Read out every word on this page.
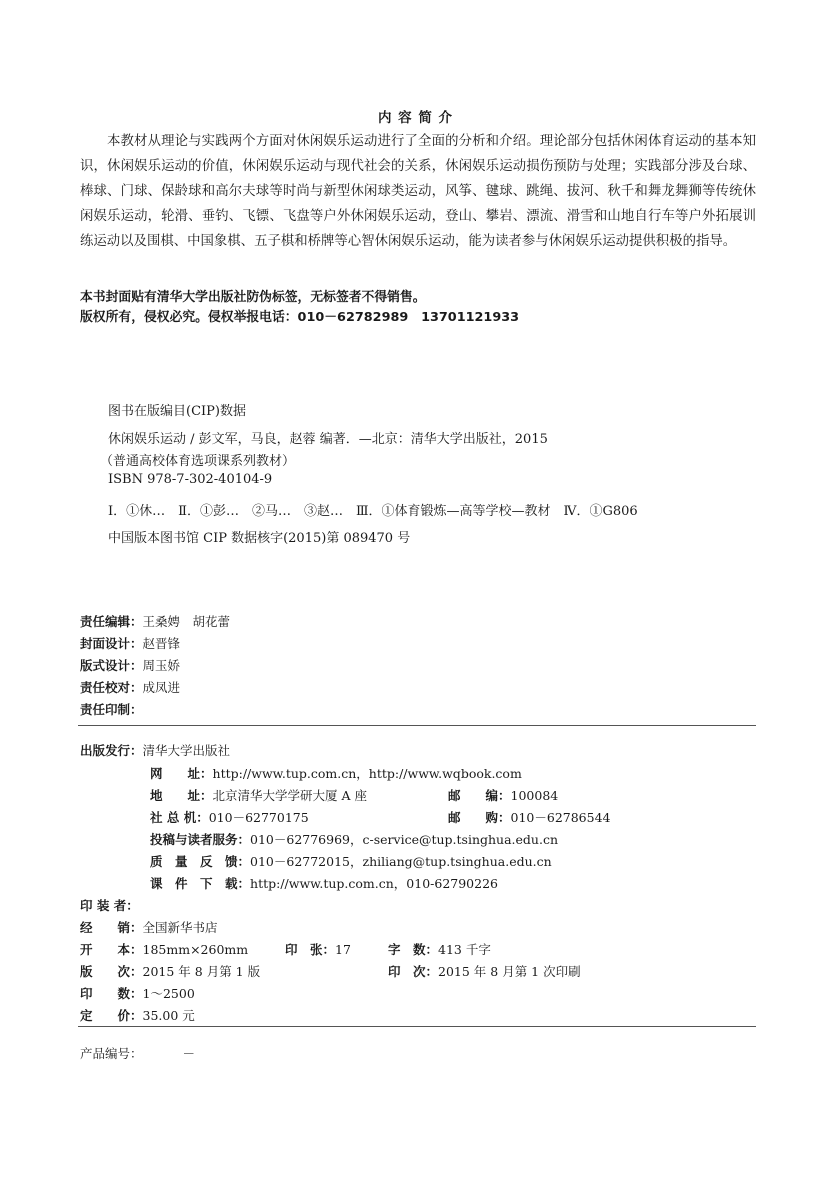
内 容 简 介
本教材从理论与实践两个方面对休闲娱乐运动进行了全面的分析和介绍。理论部分包括休闲体育运动的基本知识，休闲娱乐运动的价值，休闲娱乐运动与现代社会的关系，休闲娱乐运动损伤预防与处理；实践部分涉及台球、棒球、门球、保龄球和高尔夫球等时尚与新型休闲球类运动，风筝、毽球、跳绳、拔河、秋千和舞龙舞狮等传统休闲娱乐运动，轮滑、垂钓、飞镖、飞盘等户外休闲娱乐运动，登山、攀岩、漂流、滑雪和山地自行车等户外拓展训练运动以及围棋、中国象棋、五子棋和桥牌等心智休闲娱乐运动，能为读者参与休闲娱乐运动提供积极的指导。
本书封面贴有清华大学出版社防伪标签，无标签者不得销售。
版权所有，侵权必究。侵权举报电话：010－62782989　13701121933
图书在版编目(CIP)数据
休闲娱乐运动 / 彭文军，马良，赵蓉 编著．—北京：清华大学出版社，2015
（普通高校体育选项课系列教材）
ISBN 978-7-302-40104-9
Ⅰ．①休…　Ⅱ．①彭…　②马…　③赵…　Ⅲ．①体育锻炼—高等学校—教材　Ⅳ．①G806
中国版本图书馆 CIP 数据核字(2015)第 089470 号
责任编辑：王桑娉　胡花蕾
封面设计：赵晋锋
版式设计：周玉娇
责任校对：成凤进
责任印制：
出版发行：清华大学出版社
网　　址：http://www.tup.com.cn，http://www.wqbook.com
地　　址：北京清华大学学研大厦 A 座	邮　　编：100084
社 总 机：010－62770175	邮　　购：010－62786544
投稿与读者服务：010－62776969，c-service@tup.tsinghua.edu.cn
质　量　反　馈：010－62772015，zhiliang@tup.tsinghua.edu.cn
课　件　下　载：http://www.tup.com.cn，010-62790226
印 装 者：
经　　销：全国新华书店
开　　本：185mm×260mm	印　张：17	字　数：413 千字
版　　次：2015 年 8 月第 1 版	印　次：2015 年 8 月第 1 次印刷
印　　数：1～2500
定　　价：35.00 元
产品编号：	－
